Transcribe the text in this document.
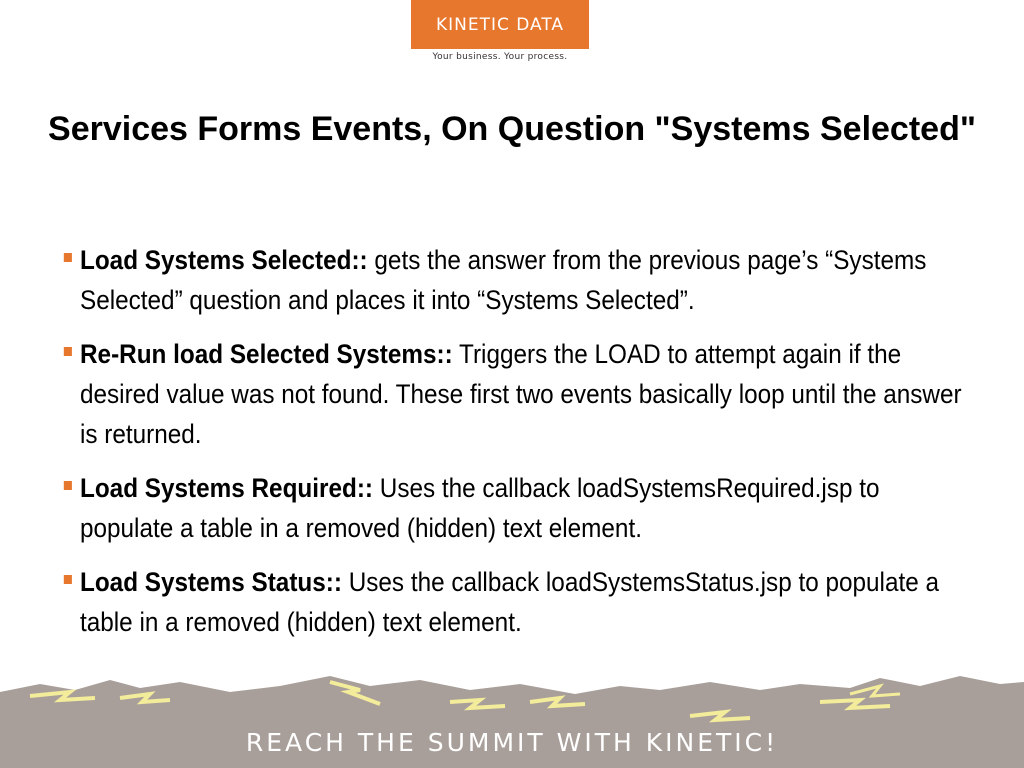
KINETIC DATA
Your business. Your process.
Services Forms Events, On Question "Systems Selected"
Load Systems Selected:: gets the answer from the previous page’s “Systems Selected” question and places it into “Systems Selected”.
Re-Run load Selected Systems:: Triggers the LOAD to attempt again if the desired value was not found. These first two events basically loop until the answer is returned.
Load Systems Required:: Uses the callback loadSystemsRequired.jsp to populate a table in a removed (hidden) text element.
Load Systems Status:: Uses the callback loadSystemsStatus.jsp to populate a table in a removed (hidden) text element.
REACH THE SUMMIT WITH KINETIC!
